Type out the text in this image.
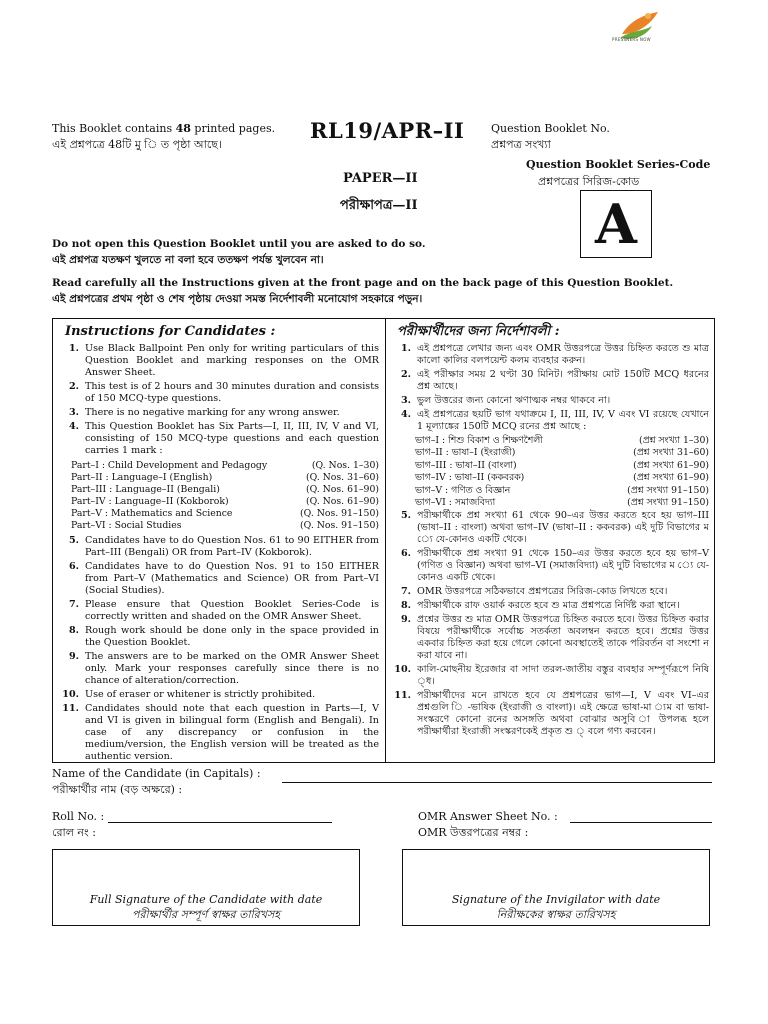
PRESSNERS NOW
This Booklet contains 48 printed pages.
এই প্রশ্নপত্রে 48টি মু ি ত পৃষ্ঠা আছে।
RL19/APR–II Question Booklet No.
প্রশ্নপত্র সংখ্যা
Question Booklet Series-Code
প্রশ্নপত্রের সিরিজ-কোড
A
PAPER—II
পরীক্ষাপত্র—II
Do not open this Question Booklet until you are asked to do so.
এই প্রশ্নপত্র যতক্ষণ খুলতে না বলা হবে ততক্ষণ পর্যন্ত খুলবেন না।
Read carefully all the Instructions given at the front page and on the back page of this Question Booklet.
এই প্রশ্নপত্রের প্রথম পৃষ্ঠা ও শেষ পৃষ্ঠায় দেওয়া সমস্ত নির্দেশাবলী মনোযোগ সহকারে পড়ুন।
Instructions for Candidates :
1. Use Black Ballpoint Pen only for writing particulars of this Question Booklet and marking responses on the OMR Answer Sheet.
2. This test is of 2 hours and 30 minutes duration and consists of 150 MCQ-type questions.
3. There is no negative marking for any wrong answer.
4. This Question Booklet has Six Parts—I, II, III, IV, V and VI, consisting of 150 MCQ-type questions and each question carries 1 mark :
Part–I : Child Development and Pedagogy	(Q. Nos. 1–30)
Part–II : Language–I (English)	(Q. Nos. 31–60)
Part–III : Language–II (Bengali)	(Q. Nos. 61–90)
Part–IV : Language–II (Kokborok)	(Q. Nos. 61–90)
Part–V : Mathematics and Science	(Q. Nos. 91–150)
Part–VI : Social Studies	(Q. Nos. 91–150)
5. Candidates have to do Question Nos. 61 to 90 EITHER from Part–III (Bengali) OR from Part–IV (Kokborok).
6. Candidates have to do Question Nos. 91 to 150 EITHER from Part–V (Mathematics and Science) OR from Part–VI (Social Studies).
7. Please ensure that Question Booklet Series-Code is correctly written and shaded on the OMR Answer Sheet.
8. Rough work should be done only in the space provided in the Question Booklet.
9. The answers are to be marked on the OMR Answer Sheet only. Mark your responses carefully since there is no chance of alteration/correction.
10. Use of eraser or whitener is strictly prohibited.
11. Candidates should note that each question in Parts—I, V and VI is given in bilingual form (English and Bengali). In case of any discrepancy or confusion in the medium/version, the English version will be treated as the authentic version.
পরীক্ষার্থীদের জন্য নির্দেশাবলী :
1. এই প্রশ্নপত্রে লেখার জন্য এবং OMR উত্তরপত্রে উত্তর চিহ্নিত করতে শু মাত্র কালো কালির বলপয়েন্ট কলম ব্যবহার করুন।
2. এই পরীক্ষার সময় 2 ঘণ্টা 30 মিনিট। পরীক্ষায় মোট 150টি MCQ ধরনের প্রশ্ন আছে।
3. ভুল উত্তরের জন্য কোনো ঋণাত্মক নম্বর থাকবে না।
4. এই প্রশ্নপত্রের ছয়টি ভাগ যথাক্রমে I, II, III, IV, V এবং VI রয়েছে যেখানে 1 মূল্যাঙ্কের 150টি MCQ রনের প্রশ্ন আছে :
ভাগ–I : শিশু বিকাশ ও শিক্ষণশৈলী	(প্রশ্ন সংখ্যা 1–30)
ভাগ–II : ভাষা–I (ইংরাজী)	(প্রশ্ন সংখ্যা 31–60)
ভাগ–III : ভাষা–II (বাংলা)	(প্রশ্ন সংখ্যা 61–90)
ভাগ–IV : ভাষা–II (ককবরক)	(প্রশ্ন সংখ্যা 61–90)
ভাগ–V : গণিত ও বিজ্ঞান	(প্রশ্ন সংখ্যা 91–150)
ভাগ–VI : সমাজবিদ্যা	(প্রশ্ন সংখ্যা 91–150)
5. পরীক্ষার্থীকে প্রশ্ন সংখ্যা 61 থেকে 90–এর উত্তর করতে হবে হয় ভাগ–III (ভাষা–II : বাংলা) অথবা ভাগ–IV (ভাষা–II : ককবরক) এই দুটি বিভাগের ম ্যে যে-কোনও একটি থেকে।
6. পরীক্ষার্থীকে প্রশ্ন সংখ্যা 91 থেকে 150–এর উত্তর করতে হবে হয় ভাগ–V (গণিত ও বিজ্ঞান) অথবা ভাগ–VI (সমাজবিদ্যা) এই দুটি বিভাগের ম ্যে যে-কোনও একটি থেকে।
7. OMR উত্তরপত্রে সঠিকভাবে প্রশ্নপত্রের সিরিজ-কোড লিখতে হবে।
8. পরীক্ষার্থীকে রাফ ওয়ার্ক করতে হবে শু মাত্র প্রশ্নপত্রে নির্দিষ্ট করা স্থানে।
9. প্রশ্নের উত্তর শু মাত্র OMR উত্তরপত্রে চিহ্নিত করতে হবে। উত্তর চিহ্নিত করার বিষয়ে পরীক্ষার্থীকে সর্বোচ্চ সতর্কতা অবলম্বন করতে হবে। প্রশ্নের উত্তর একবার চিহ্নিত করা হয়ে গেলে কোনো অবস্থাতেই তাকে পরিবর্তন বা সংশো ন করা যাবে না।
10. কালি-মোছনীয় ইরেজার বা সাদা তরল-জাতীয় বস্তুর ব্যবহার সম্পূর্ণরূপে নিষি ্ধ।
11. পরীক্ষার্থীদের মনে রাখতে হবে যে প্রশ্নপত্রের ভাগ—I, V এবং VI–এর প্রশ্নগুলি ি -ভাষিক (ইংরাজী ও বাংলা)। এই ক্ষেত্রে ভাষা-মা ্যম বা ভাষা-সংস্করণে কোনো রনের অসঙ্গতি অথবা বোঝার অসুবি া উপলব্ধ হলে পরীক্ষার্থীরা ইংরাজী সংস্করণকেই প্রকৃত শু ্ বলে গণ্য করবেন।
Name of the Candidate (in Capitals) :
পরীক্ষার্থীর নাম (বড় অক্ষরে) :
Roll No. :
রোল নং :
OMR Answer Sheet No. :
OMR উত্তরপত্রের নম্বর :
Full Signature of the Candidate with date
পরীক্ষার্থীর সম্পূর্ণ স্বাক্ষর তারিখসহ
Signature of the Invigilator with date
নিরীক্ষকের স্বাক্ষর তারিখসহ
